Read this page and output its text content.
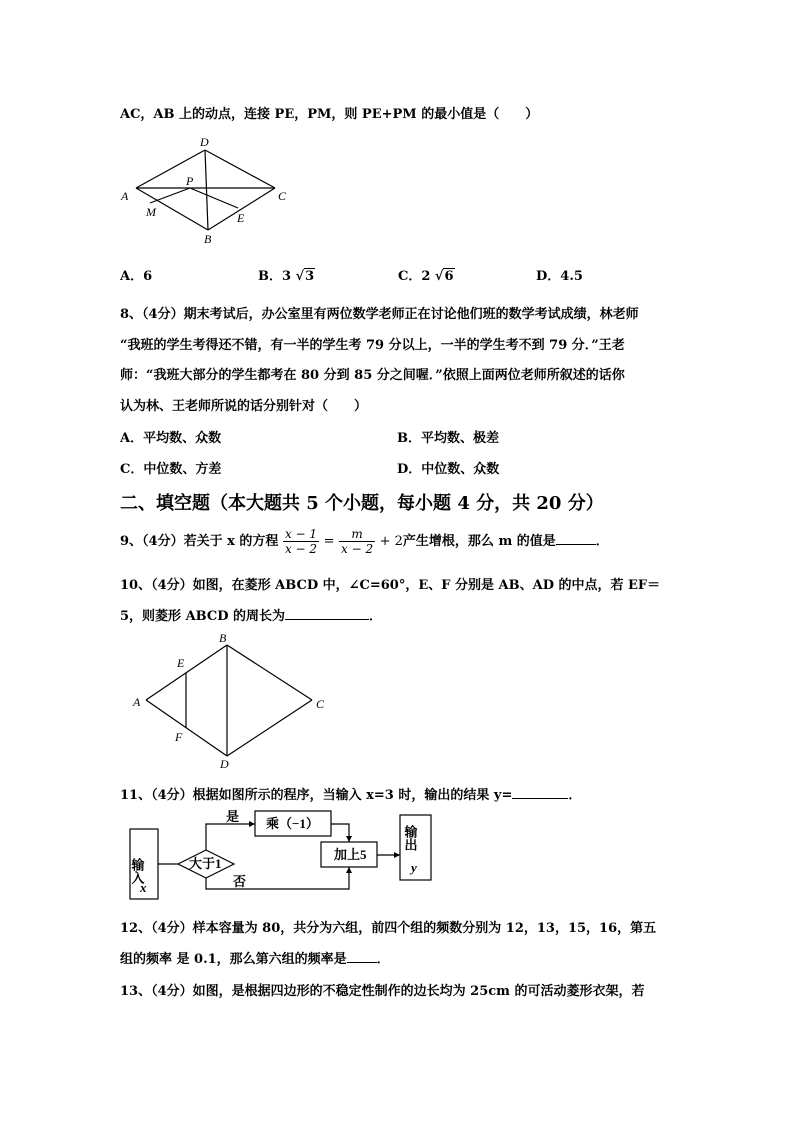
AC，AB 上的动点，连接 PE，PM，则 PE+PM 的最小值是（　　）
D
A	C
B
P
M	E
A．6	B．3 √3	C．2 √6	D．4.5
8、（4分）期末考试后，办公室里有两位数学老师正在讨论他们班的数学考试成绩，林老师
“我班的学生考得还不错，有一半的学生考 79 分以上，一半的学生考不到 79 分．”王老
师：“我班大部分的学生都考在 80 分到 85 分之间喔．”依照上面两位老师所叙述的话你
认为林、王老师所说的话分别针对（　　）
A．平均数、众数	B．平均数、极差
C．中位数、方差	D．中位数、众数
二、填空题（本大题共 5 个小题，每小题 4 分，共 20 分）
9、（4分）若关于 x 的方程 $\frac{x - 1}{x - 2} = \frac{m}{x - 2} + 2$产生增根，那么 m 的值是	．
10、（4分）如图，在菱形 ABCD 中，∠C=60°，E、F 分别是 AB、AD 的中点，若 EF＝
5，则菱形 ABCD 的周长为	．
B
E
A	C
F
D
11、（4分）根据如图所示的程序，当输入 x=3 时，输出的结果 y=	．
输入
x
大于1
是
否
乘（−1）
加上5
输出
y
12、（4分）样本容量为 80，共分为六组，前四个组的频数分别为 12，13，15，16，第五
组的频率 是 0.1，那么第六组的频率是 ．
13、（4分）如图，是根据四边形的不稳定性制作的边长均为 25cm 的可活动菱形衣架，若
